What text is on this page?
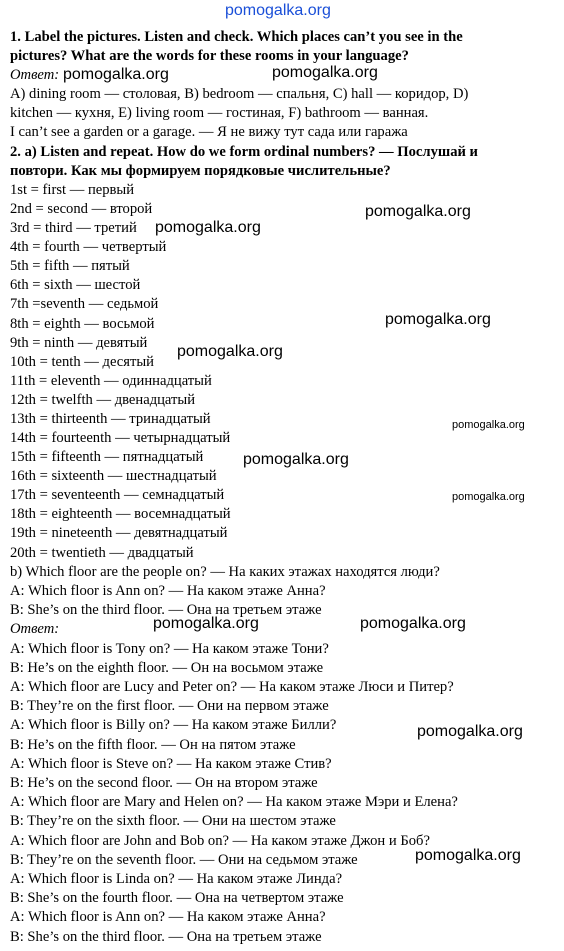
pomogalka.org
1. Label the pictures. Listen and check. Which places can’t you see in the
pictures? What are the words for these rooms in your language?
Ответ:
A) dining room — столовая, B) bedroom — спальня, C) hall — коридор, D)
kitchen — кухня, E) living room — гостиная, F) bathroom — ванная.
I can’t see a garden or a garage. — Я не вижу тут сада или гаража
2. a) Listen and repeat. How do we form ordinal numbers? — Послушай и
повтори. Как мы формируем порядковые числительные?
1st = first — первый
2nd = second — второй
3rd = third — третий
4th = fourth — четвертый
5th = fifth — пятый
6th = sixth — шестой
7th =seventh — седьмой
8th = eighth — восьмой
9th = ninth — девятый
10th = tenth — десятый
11th = eleventh — одиннадцатый
12th = twelfth — двенадцатый
13th = thirteenth — тринадцатый
14th = fourteenth — четырнадцатый
15th = fifteenth — пятнадцатый
16th = sixteenth — шестнадцатый
17th = seventeenth — семнадцатый
18th = eighteenth — восемнадцатый
19th = nineteenth — девятнадцатый
20th = twentieth — двадцатый
b) Which floor are the people on? — На каких этажах находятся люди?
A: Which floor is Ann on? — На каком этаже Анна?
B: She’s on the third floor. — Она на третьем этаже
Ответ:
A: Which floor is Tony on? — На каком этаже Тони?
B: He’s on the eighth floor. — Он на восьмом этаже
A: Which floor are Lucy and Peter on? — На каком этаже Люси и Питер?
B: They’re on the first floor. — Они на первом этаже
A: Which floor is Billy on? — На каком этаже Билли?
B: He’s on the fifth floor. — Он на пятом этаже
A: Which floor is Steve on? — На каком этаже Стив?
B: He’s on the second floor. — Он на втором этаже
A: Which floor are Mary and Helen on? — На каком этаже Мэри и Елена?
B: They’re on the sixth floor. — Они на шестом этаже
A: Which floor are John and Bob on? — На каком этаже Джон и Боб?
B: They’re on the seventh floor. — Они на седьмом этаже
A: Which floor is Linda on? — На каком этаже Линда?
B: She’s on the fourth floor. — Она на четвертом этаже
A: Which floor is Ann on? — На каком этаже Анна?
B: She’s on the third floor. — Она на третьем этаже
pomogalka.org	pomogalka.org
pomogalka.org
pomogalka.org
pomogalka.org
pomogalka.org
pomogalka.org
pomogalka.org
pomogalka.org
pomogalka.org	pomogalka.org
pomogalka.org
pomogalka.org
